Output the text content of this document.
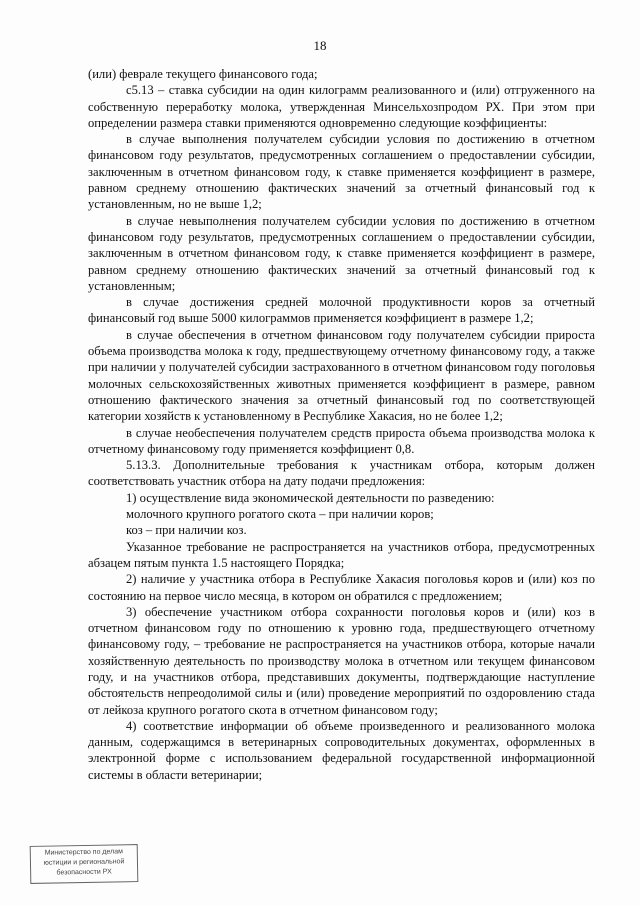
18

(или) феврале текущего финансового года;

c5.13 – ставка субсидии на один килограмм реализованного и (или) отгруженного на собственную переработку молока, утвержденная Минсельхозпродом РХ. При этом при определении размера ставки применяются одновременно следующие коэффициенты:

в случае выполнения получателем субсидии условия по достижению в отчетном финансовом году результатов, предусмотренных соглашением о предоставлении субсидии, заключенным в отчетном финансовом году, к ставке применяется коэффициент в размере, равном среднему отношению фактических значений за отчетный финансовый год к установленным, но не выше 1,2;

в случае невыполнения получателем субсидии условия по достижению в отчетном финансовом году результатов, предусмотренных соглашением о предоставлении субсидии, заключенным в отчетном финансовом году, к ставке применяется коэффициент в размере, равном среднему отношению фактических значений за отчетный финансовый год к установленным;

в случае достижения средней молочной продуктивности коров за отчетный финансовый год выше 5000 килограммов применяется коэффициент в размере 1,2;

в случае обеспечения в отчетном финансовом году получателем субсидии прироста объема производства молока к году, предшествующему отчетному финансовому году, а также при наличии у получателей субсидии застрахованного в отчетном финансовом году поголовья молочных сельскохозяйственных животных применяется коэффициент в размере, равном отношению фактического значения за отчетный финансовый год по соответствующей категории хозяйств к установленному в Республике Хакасия, но не более 1,2;

в случае необеспечения получателем средств прироста объема производства молока к отчетному финансовому году применяется коэффициент 0,8.

5.13.3. Дополнительные требования к участникам отбора, которым должен соответствовать участник отбора на дату подачи предложения:

1) осуществление вида экономической деятельности по разведению:

молочного крупного рогатого скота – при наличии коров;

коз – при наличии коз.

Указанное требование не распространяется на участников отбора, предусмотренных абзацем пятым пункта 1.5 настоящего Порядка;

2) наличие у участника отбора в Республике Хакасия поголовья коров и (или) коз по состоянию на первое число месяца, в котором он обратился с предложением;

3) обеспечение участником отбора сохранности поголовья коров и (или) коз в отчетном финансовом году по отношению к уровню года, предшествующего отчетному финансовому году, – требование не распространяется на участников отбора, которые начали хозяйственную деятельность по производству молока в отчетном или текущем финансовом году, и на участников отбора, представивших документы, подтверждающие наступление обстоятельств непреодолимой силы и (или) проведение мероприятий по оздоровлению стада от лейкоза крупного рогатого скота в отчетном финансовом году;

4) соответствие информации об объеме произведенного и реализованного молока данным, содержащимся в ветеринарных сопроводительных документах, оформленных в электронной форме с использованием федеральной государственной информационной системы в области ветеринарии;

Министерство по делам
юстиции и региональной
безопасности РХ
